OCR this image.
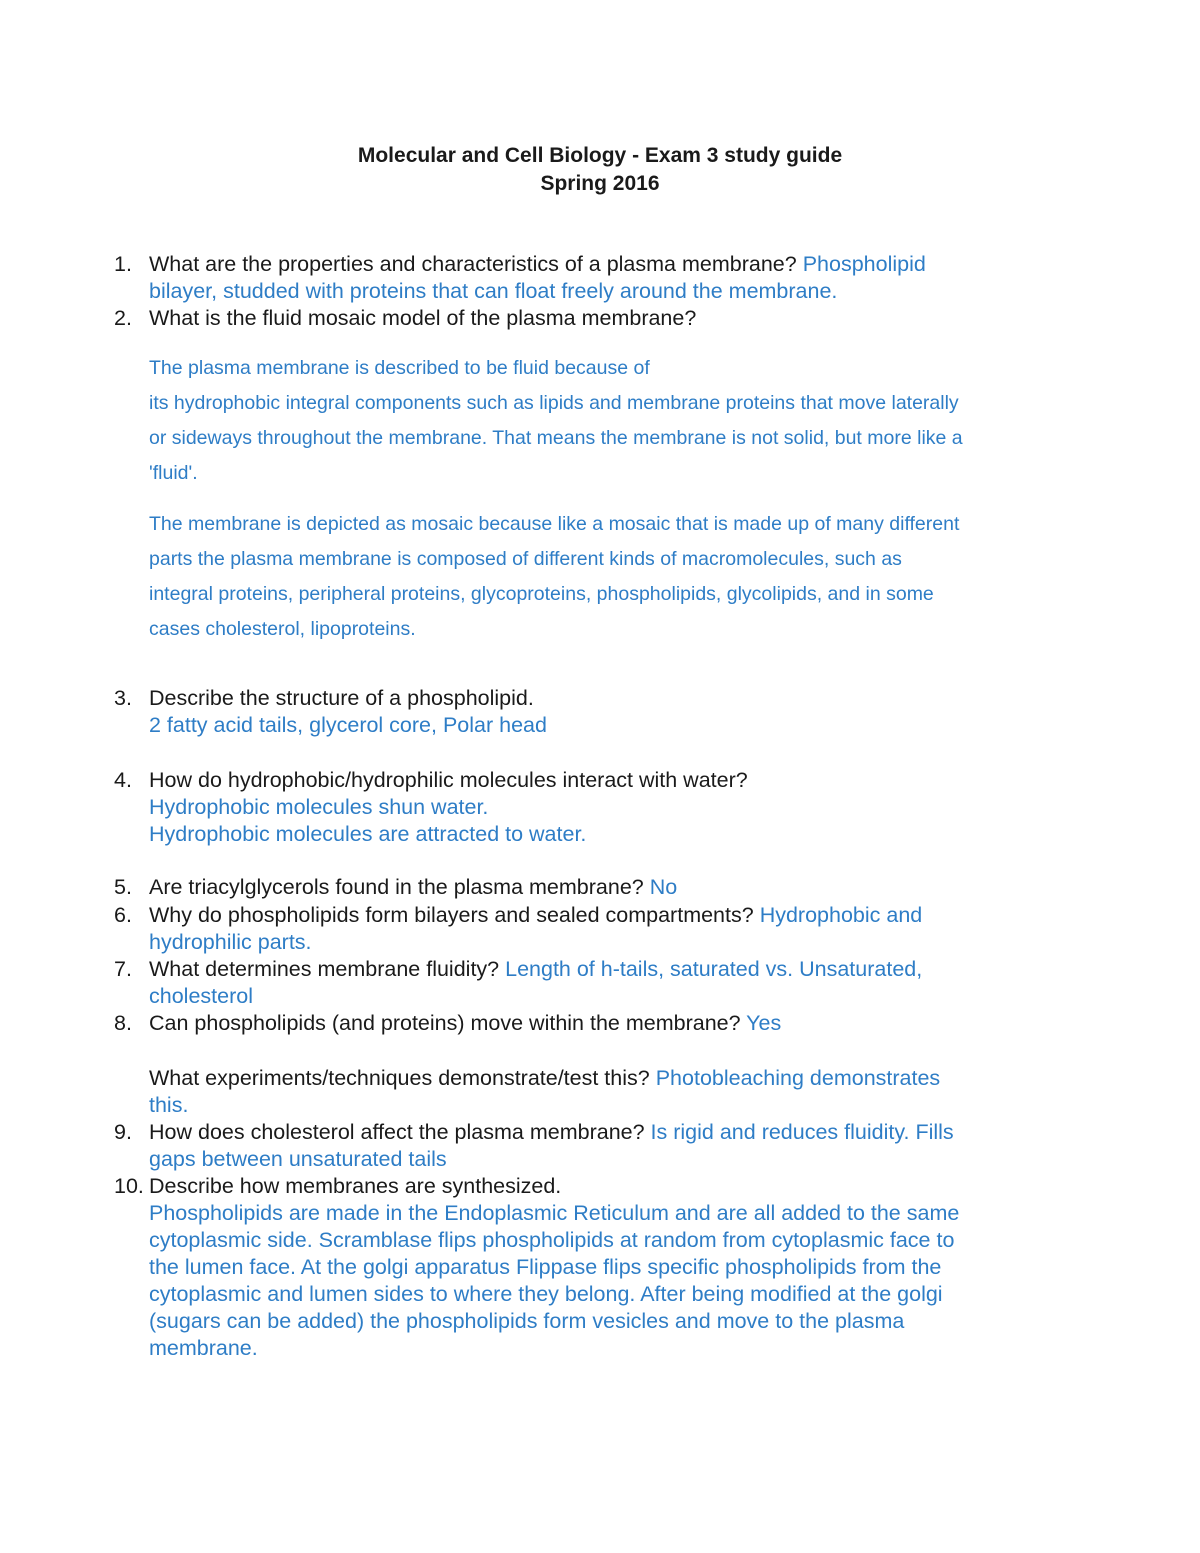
Molecular and Cell Biology - Exam 3 study guide
Spring 2016
1. What are the properties and characteristics of a plasma membrane? Phospholipid
bilayer, studded with proteins that can float freely around the membrane.
2. What is the fluid mosaic model of the plasma membrane?
The plasma membrane is described to be fluid because of
its hydrophobic integral components such as lipids and membrane proteins that move laterally
or sideways throughout the membrane. That means the membrane is not solid, but more like a
'fluid'.
The membrane is depicted as mosaic because like a mosaic that is made up of many different
parts the plasma membrane is composed of different kinds of macromolecules, such as
integral proteins, peripheral proteins, glycoproteins, phospholipids, glycolipids, and in some
cases cholesterol, lipoproteins.
3. Describe the structure of a phospholipid.
2 fatty acid tails, glycerol core, Polar head
4. How do hydrophobic/hydrophilic molecules interact with water?
Hydrophobic molecules shun water.
Hydrophobic molecules are attracted to water.
5. Are triacylglycerols found in the plasma membrane? No
6. Why do phospholipids form bilayers and sealed compartments? Hydrophobic and
hydrophilic parts.
7. What determines membrane fluidity? Length of h-tails, saturated vs. Unsaturated,
cholesterol
8. Can phospholipids (and proteins) move within the membrane? Yes
What experiments/techniques demonstrate/test this? Photobleaching demonstrates
this.
9. How does cholesterol affect the plasma membrane? Is rigid and reduces fluidity. Fills
gaps between unsaturated tails
10. Describe how membranes are synthesized.
Phospholipids are made in the Endoplasmic Reticulum and are all added to the same
cytoplasmic side. Scramblase flips phospholipids at random from cytoplasmic face to
the lumen face. At the golgi apparatus Flippase flips specific phospholipids from the
cytoplasmic and lumen sides to where they belong. After being modified at the golgi
(sugars can be added) the phospholipids form vesicles and move to the plasma
membrane.
